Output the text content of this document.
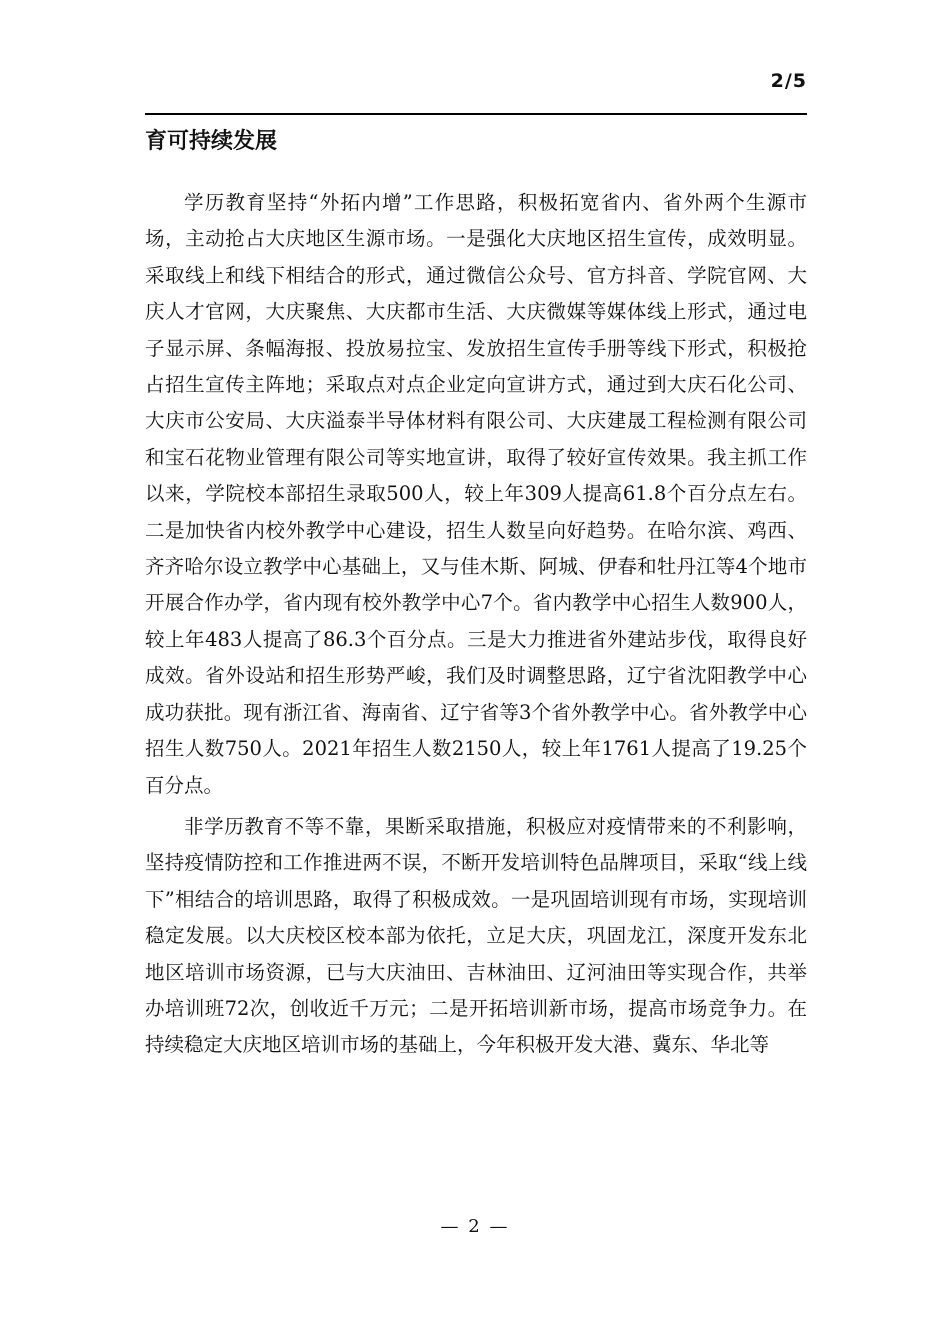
2/5
育可持续发展

学历教育坚持“外拓内增”工作思路，积极拓宽省内、省外两个生源市场，主动抢占大庆地区生源市场。一是强化大庆地区招生宣传，成效明显。采取线上和线下相结合的形式，通过微信公众号、官方抖音、学院官网、大庆人才官网，大庆聚焦、大庆都市生活、大庆微媒等媒体线上形式，通过电子显示屏、条幅海报、投放易拉宝、发放招生宣传手册等线下形式，积极抢占招生宣传主阵地；采取点对点企业定向宣讲方式，通过到大庆石化公司、大庆市公安局、大庆溢泰半导体材料有限公司、大庆建晟工程检测有限公司和宝石花物业管理有限公司等实地宣讲，取得了较好宣传效果。我主抓工作以来，学院校本部招生录取500人，较上年309人提高61.8个百分点左右。二是加快省内校外教学中心建设，招生人数呈向好趋势。在哈尔滨、鸡西、齐齐哈尔设立教学中心基础上，又与佳木斯、阿城、伊春和牡丹江等4个地市开展合作办学，省内现有校外教学中心7个。省内教学中心招生人数900人，较上年483人提高了86.3个百分点。三是大力推进省外建站步伐，取得良好成效。省外设站和招生形势严峻，我们及时调整思路，辽宁省沈阳教学中心成功获批。现有浙江省、海南省、辽宁省等3个省外教学中心。省外教学中心招生人数750人。2021年招生人数2150人，较上年1761人提高了19.25个百分点。

非学历教育不等不靠，果断采取措施，积极应对疫情带来的不利影响，坚持疫情防控和工作推进两不误，不断开发培训特色品牌项目，采取“线上线下”相结合的培训思路，取得了积极成效。一是巩固培训现有市场，实现培训稳定发展。以大庆校区校本部为依托，立足大庆，巩固龙江，深度开发东北地区培训市场资源，已与大庆油田、吉林油田、辽河油田等实现合作，共举办培训班72次，创收近千万元；二是开拓培训新市场，提高市场竞争力。在持续稳定大庆地区培训市场的基础上，今年积极开发大港、冀东、华北等

— 2 —
